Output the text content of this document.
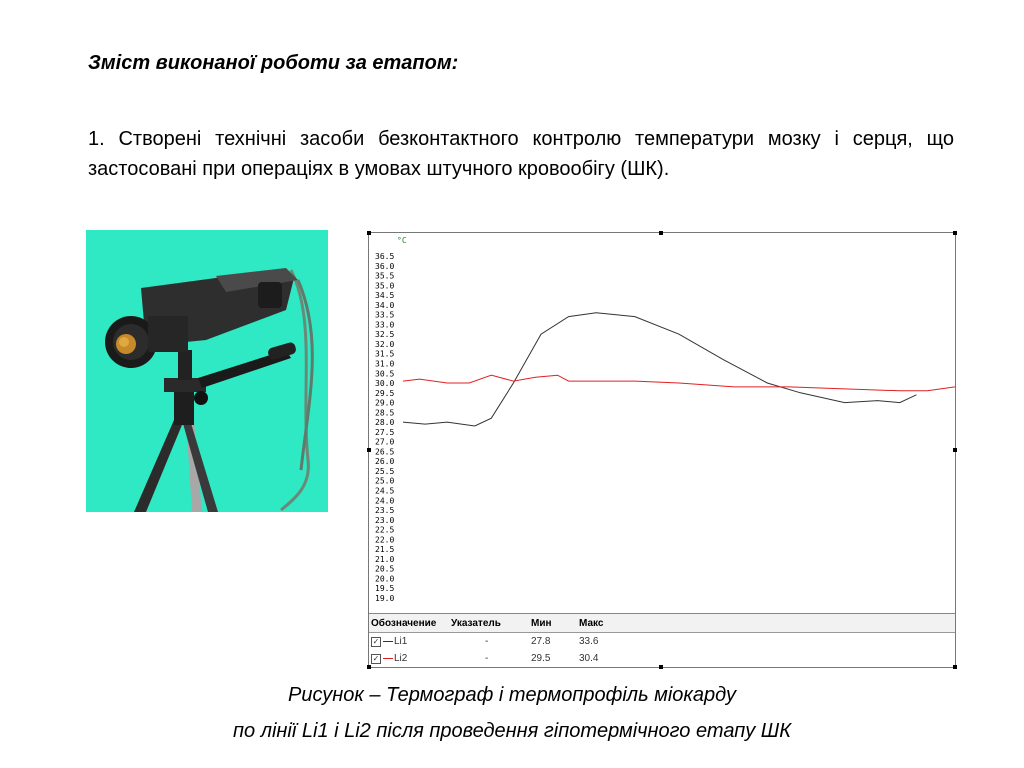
Зміст виконаної роботи за етапом:

1. Створені технічні засоби безконтактного контролю температури мозку і серця, що застосовані при операціях в умовах штучного кровообігу (ШК).

°C
36.5
36.0
35.5
35.0
34.5
34.0
33.5
33.0
32.5
32.0
31.5
31.0
30.5
30.0
29.5
29.0
28.5
28.0
27.5
27.0
26.5
26.0
25.5
25.0
24.5
24.0
23.5
23.0
22.5
22.0
21.5
21.0
20.5
20.0
19.5
19.0
Обозначение	Указатель	Мин	Макс
✓ Li1	-	27.8	33.6
✓ Li2	-	29.5	30.4

Рисунок – Термограф і термопрофіль міокарду

по лінії Li1 і Li2 після проведення гіпотермічного етапу ШК
